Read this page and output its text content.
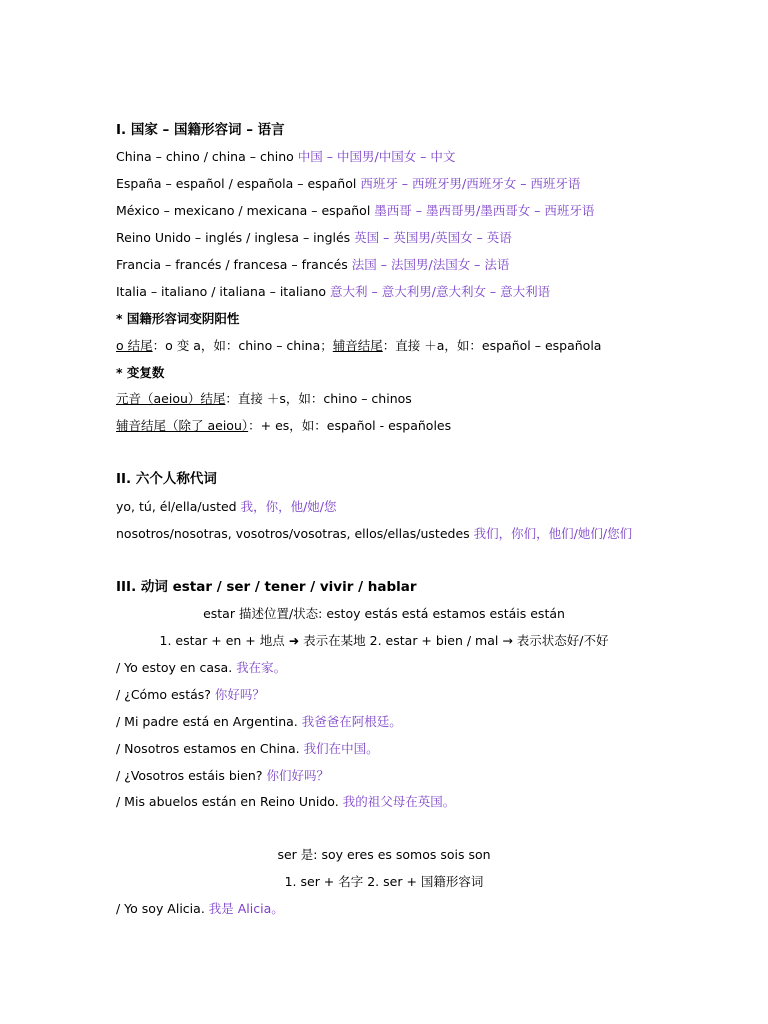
I. 国家 – 国籍形容词 – 语言
China – chino / china – chino 中国 – 中国男/中国女 – 中文
España – español / española – español 西班牙 – 西班牙男/西班牙女 – 西班牙语
México – mexicano / mexicana – español 墨西哥 – 墨西哥男/墨西哥女 – 西班牙语
Reino Unido – inglés / inglesa – inglés 英国 – 英国男/英国女 – 英语
Francia – francés / francesa – francés 法国 – 法国男/法国女 – 法语
Italia – italiano / italiana – italiano 意大利 – 意大利男/意大利女 – 意大利语
* 国籍形容词变阴阳性
o 结尾：o 变 a，如：chino – china；辅音结尾：直接 ＋a，如：español – española
* 变复数
元音（aeiou）结尾：直接 ＋s，如：chino – chinos
辅音结尾（除了 aeiou）：+ es，如：español - españoles
II. 六个人称代词
yo, tú, él/ella/usted 我，你，他/她/您
nosotros/nosotras, vosotros/vosotras, ellos/ellas/ustedes 我们，你们，他们/她们/您们
III. 动词 estar / ser / tener / vivir / hablar
estar 描述位置/状态: estoy estás está estamos estáis están
1. estar + en + 地点 ➜ 表示在某地 2. estar + bien / mal → 表示状态好/不好
/ Yo estoy en casa. 我在家。
/ ¿Cómo estás? 你好吗？
/ Mi padre está en Argentina. 我爸爸在阿根廷。
/ Nosotros estamos en China. 我们在中国。
/ ¿Vosotros estáis bien? 你们好吗？
/ Mis abuelos están en Reino Unido. 我的祖父母在英国。
ser 是: soy eres es somos sois son
1. ser + 名字 2. ser + 国籍形容词
/ Yo soy Alicia. 我是 Alicia。
